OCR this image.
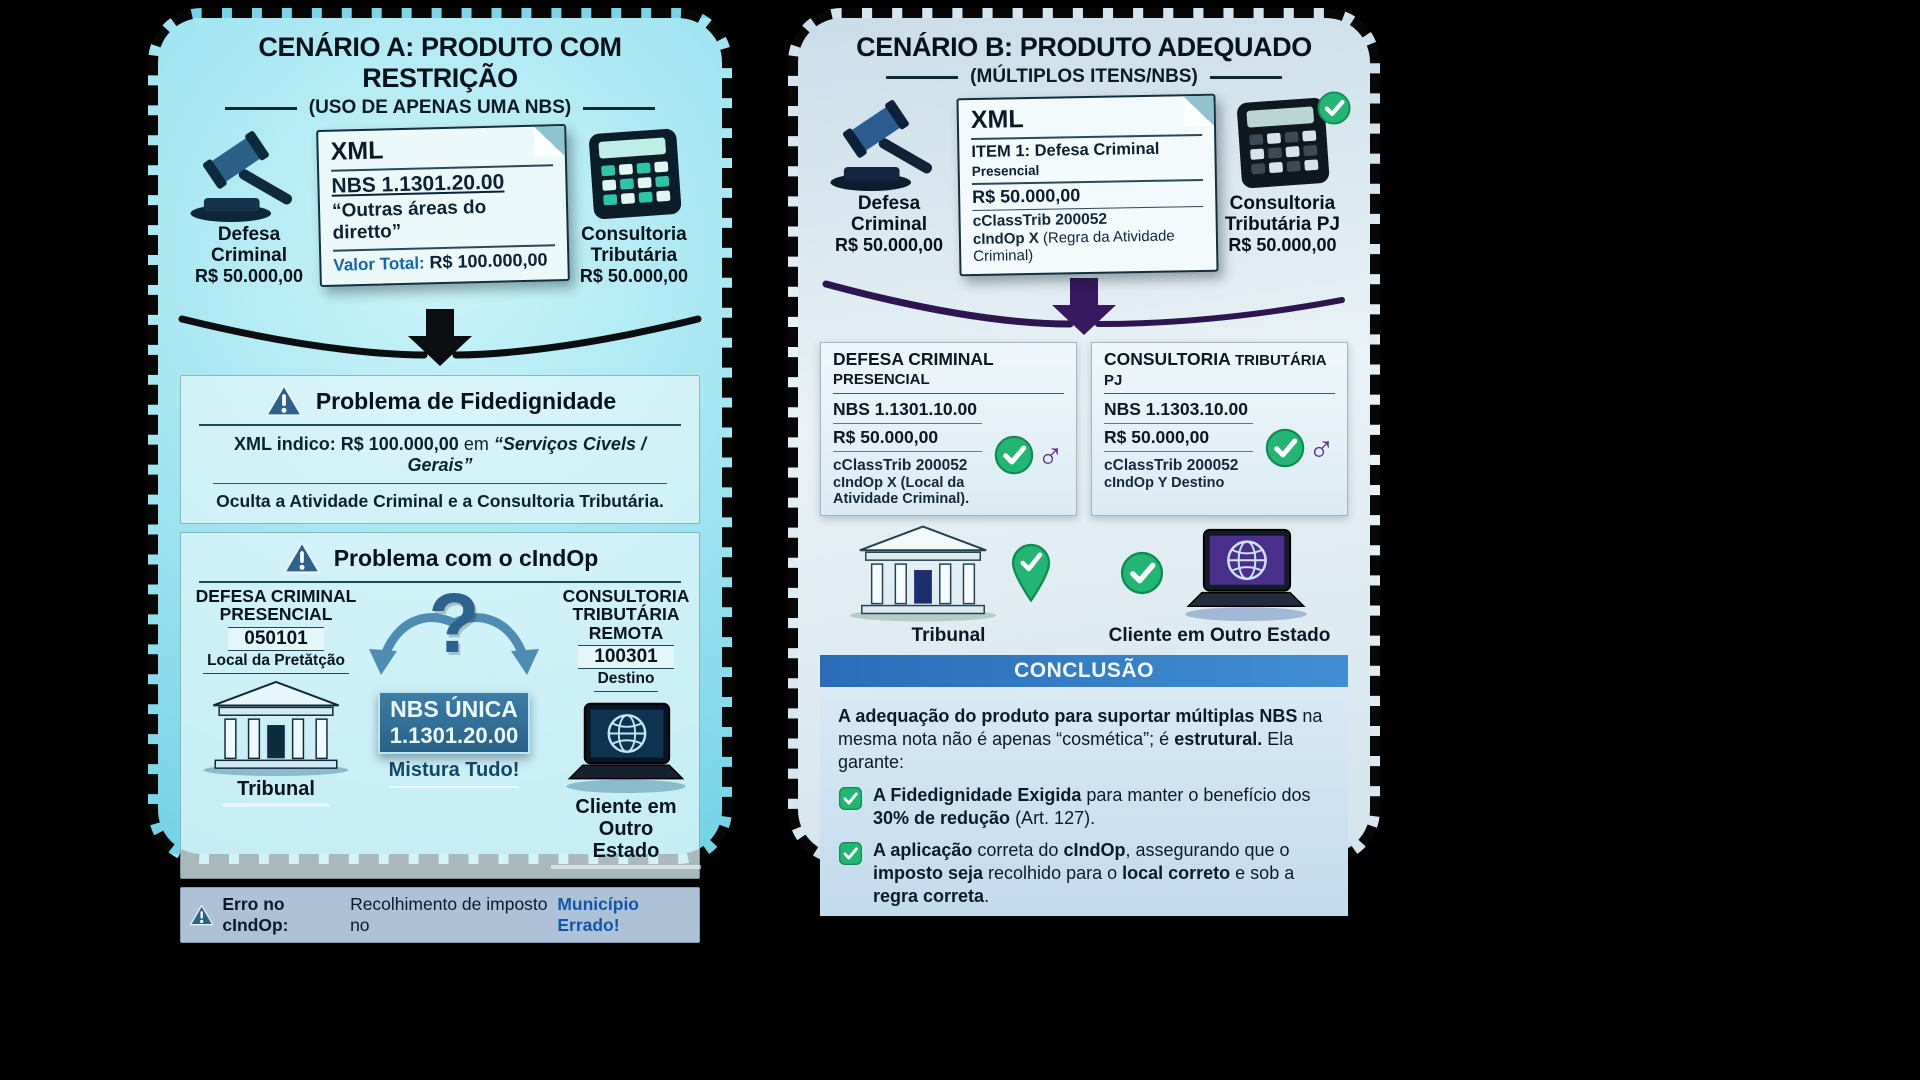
CENÁRIO A: PRODUTO COM RESTRIÇÃO
(USO DE APENAS UMA NBS)
Defesa Criminal
R$ 50.000,00
XML
NBS 1.1301.20.00
“Outras áreas do diretto”
Valor Total: R$ 100.000,00
Consultoria Tributária
R$ 50.000,00
Problema de Fidedignidade

XML indico: R$ 100.000,00 em “Serviços Civels / Gerais”

Oculta a Atividade Criminal e a Consultoria Tributária.

Problema com o cIndOp
DEFESA CRIMINAL PRESENCIAL
050101
Local da Pretătção
Tribunal
?
NBS ÚNICA
1.1301.20.00
Mistura Tudo!
CONSULTORIA TRIBUTÁRIA REMOTA
100301
Destino
Cliente em Outro Estado
Erro no cIndOp:
Recolhimento de imposto no
Município Errado!
CENÁRIO B: PRODUTO ADEQUADO
(MÚLTIPLOS ITENS/NBS)
Defesa Criminal
R$ 50.000,00
XML
ITEM 1: Defesa Criminal Presencial
R$ 50.000,00
cClassTrib 200052
cIndOp X (Regra da Atividade Criminal)
Consultoria Tributária PJ
R$ 50.000,00
DEFESA CRIMINAL PRESENCIAL
NBS 1.1301.10.00
R$ 50.000,00
cClassTrib 200052
cIndOp X (Local da Atividade Criminal).
♂
CONSULTORIA TRIBUTÁRIA PJ
NBS 1.1303.10.00
R$ 50.000,00
cClassTrib 200052
cIndOp Y Destino
♂
Tribunal	Cliente em Outro Estado
CONCLUSÃO

A adequação do produto para suportar múltiplas NBS na mesma nota não é apenas “cosmética”; é estrutural. Ela garante:

A Fidedignidade Exigida para manter o benefício dos 30% de redução (Art. 127).
A aplicação correta do cIndOp, assegurando que o imposto seja recolhido para o local correto e sob a regra correta.
